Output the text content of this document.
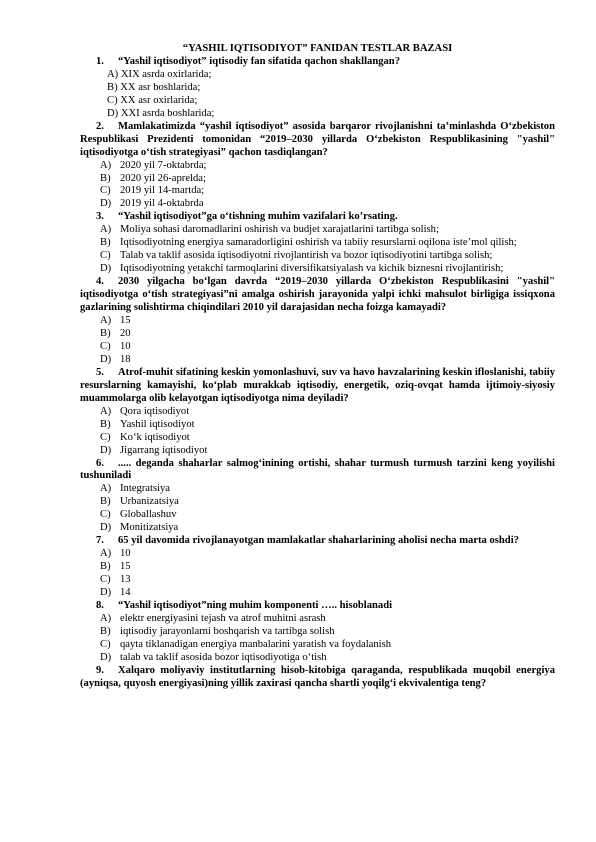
“YASHIL IQTISODIYOT” FANIDAN TESTLAR BAZASI
1. “Yashil iqtisodiyot” iqtisodiy fan sifatida qachon shakllangan?
A) XIX asrda oxirlarida;
B) XX asr boshlarida;
C) XX asr oxirlarida;
D) XXI asrda boshlarida;
2. Mamlakatimizda “yashil iqtisodiyot” asosida barqaror rivojlanishni ta’minlashda O‘zbekiston Respublikasi Prezidenti tomonidan “2019–2030 yillarda O‘zbekiston Respublikasining "yashil" iqtisodiyotga o‘tish strategiyasi” qachon tasdiqlangan?
A) 2020 yil 7-oktabrda;
B) 2020 yil 26-aprelda;
C) 2019 yil 14-martda;
D) 2019 yil 4-oktabrda
3. “Yashil iqtisodiyot”ga o‘tishning muhim vazifalari ko’rsating.
A) Moliya sohasi daromadlarini oshirish va budjet xarajatlarini tartibga solish;
B) Iqtisodiyotning energiya samaradorligini oshirish va tabiiy resurslarni oqilona iste’mol qilish;
C) Talab va taklif asosida iqtisodiyotni rivojlantirish va bozor iqtisodiyotini tartibga solish;
D) Iqtisodiyotning yetakchi tarmoqlarini diversifikatsiyalash va kichik biznesni rivojlantirish;
4. 2030 yilgacha bo‘lgan davrda “2019–2030 yillarda O‘zbekiston Respublikasini "yashil" iqtisodiyotga o‘tish strategiyasi”ni amalga oshirish jarayonida yalpi ichki mahsulot birligiga issiqxona gazlarining solishtirma chiqindilari 2010 yil darajasidan necha foizga kamayadi?
A) 15
B) 20
C) 10
D) 18
5. Atrof-muhit sifatining keskin yomonlashuvi, suv va havo havzalarining keskin ifloslanishi, tabiiy resurslarning kamayishi, ko‘plab murakkab iqtisodiy, energetik, oziq-ovqat hamda ijtimoiy-siyosiy muammolarga olib kelayotgan iqtisodiyotga nima deyiladi?
A) Qora iqtisodiyot
B) Yashil iqtisodiyot
C) Ko‘k iqtisodiyot
D) Jigarrang iqtisodiyot
6. ..... deganda shaharlar salmog‘inining ortishi, shahar turmush turmush tarzini keng yoyilishi tushuniladi
A) Integratsiya
B) Urbanizatsiya
C) Globallashuv
D) Monitizatsiya
7. 65 yil davomida rivojlanayotgan mamlakatlar shaharlarining aholisi necha marta oshdi?
A) 10
B) 15
C) 13
D) 14
8. “Yashil iqtisodiyot”ning muhim komponenti ….. hisoblanadi
A) elektr energiyasini tejash va atrof muhitni asrash
B) iqtisodiy jarayonlarni boshqarish va tartibga solish
C) qayta tiklanadigan energiya manbalarini yaratish va foydalanish
D) talab va taklif asosida bozor iqtisodiyotiga o‘tish
9. Xalqaro moliyaviy institutlarning hisob-kitobiga qaraganda, respublikada muqobil energiya (ayniqsa, quyosh energiyasi)ning yillik zaxirasi qancha shartli yoqilg‘i ekvivalentiga teng?
